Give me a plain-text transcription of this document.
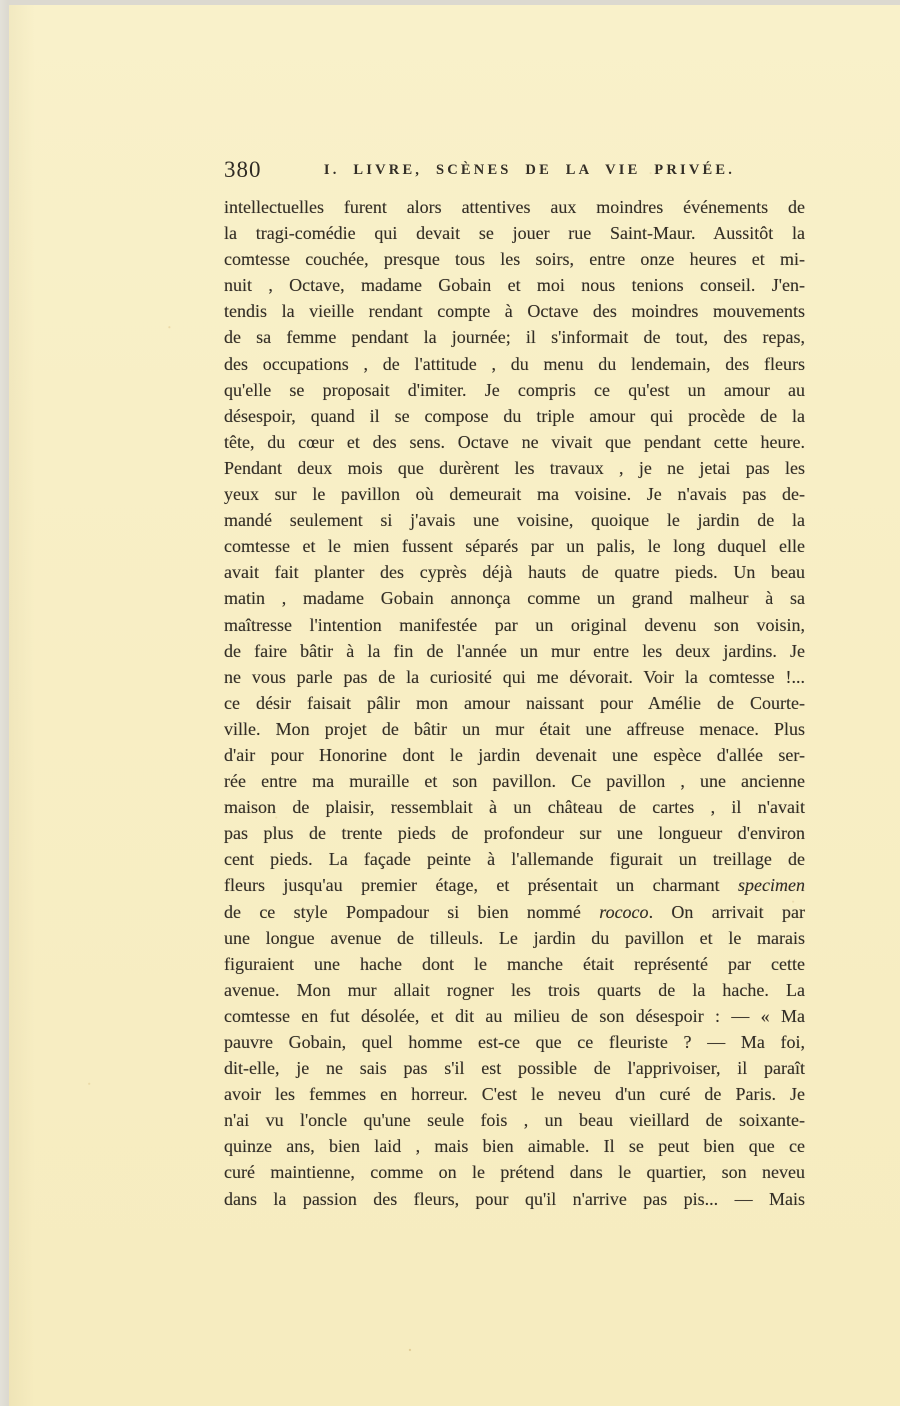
380	I. LIVRE, SCÈNES DE LA VIE PRIVÉE.
intellectuelles furent alors attentives aux moindres événements de
la tragi-comédie qui devait se jouer rue Saint-Maur. Aussitôt la
comtesse couchée, presque tous les soirs, entre onze heures et mi-
nuit , Octave, madame Gobain et moi nous tenions conseil. J'en-
tendis la vieille rendant compte à Octave des moindres mouvements
de sa femme pendant la journée; il s'informait de tout, des repas,
des occupations , de l'attitude , du menu du lendemain, des fleurs
qu'elle se proposait d'imiter. Je compris ce qu'est un amour au
désespoir, quand il se compose du triple amour qui procède de la
tête, du cœur et des sens. Octave ne vivait que pendant cette heure.
Pendant deux mois que durèrent les travaux , je ne jetai pas les
yeux sur le pavillon où demeurait ma voisine. Je n'avais pas de-
mandé seulement si j'avais une voisine, quoique le jardin de la
comtesse et le mien fussent séparés par un palis, le long duquel elle
avait fait planter des cyprès déjà hauts de quatre pieds. Un beau
matin , madame Gobain annonça comme un grand malheur à sa
maîtresse l'intention manifestée par un original devenu son voisin,
de faire bâtir à la fin de l'année un mur entre les deux jardins. Je
ne vous parle pas de la curiosité qui me dévorait. Voir la comtesse !...
ce désir faisait pâlir mon amour naissant pour Amélie de Courte-
ville. Mon projet de bâtir un mur était une affreuse menace. Plus
d'air pour Honorine dont le jardin devenait une espèce d'allée ser-
rée entre ma muraille et son pavillon. Ce pavillon , une ancienne
maison de plaisir, ressemblait à un château de cartes , il n'avait
pas plus de trente pieds de profondeur sur une longueur d'environ
cent pieds. La façade peinte à l'allemande figurait un treillage de
fleurs jusqu'au premier étage, et présentait un charmant specimen
de ce style Pompadour si bien nommé rococo. On arrivait par
une longue avenue de tilleuls. Le jardin du pavillon et le marais
figuraient une hache dont le manche était représenté par cette
avenue. Mon mur allait rogner les trois quarts de la hache. La
comtesse en fut désolée, et dit au milieu de son désespoir : — « Ma
pauvre Gobain, quel homme est-ce que ce fleuriste ? — Ma foi,
dit-elle, je ne sais pas s'il est possible de l'apprivoiser, il paraît
avoir les femmes en horreur. C'est le neveu d'un curé de Paris. Je
n'ai vu l'oncle qu'une seule fois , un beau vieillard de soixante-
quinze ans, bien laid , mais bien aimable. Il se peut bien que ce
curé maintienne, comme on le prétend dans le quartier, son neveu
dans la passion des fleurs, pour qu'il n'arrive pas pis... — Mais
